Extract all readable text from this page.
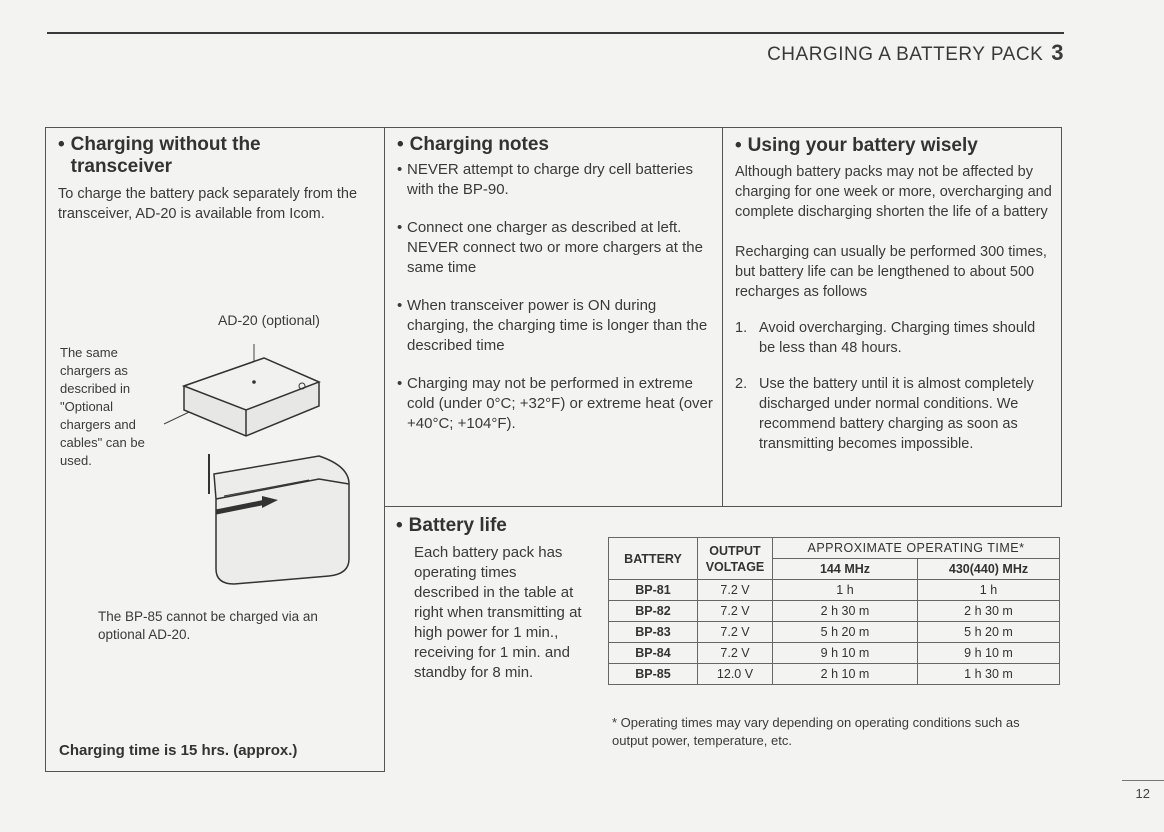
CHARGING A BATTERY PACK 3
• Charging without the transceiver

To charge the battery pack separately from the transceiver, AD-20 is available from Icom.

AD-20 (optional)
The same chargers as described in "Optional chargers and cables" can be used.
The BP-85 cannot be charged via an optional AD-20.
Charging time is 15 hrs. (approx.)
• Charging notes
• NEVER attempt to charge dry cell batteries with the BP-90.
• Connect one charger as described at left. NEVER connect two or more chargers at the same time
• When transceiver power is ON during charging, the charging time is longer than the described time
• Charging may not be performed in extreme cold (under 0°C; +32°F) or extreme heat (over +40°C; +104°F).
• Using your battery wisely

Although battery packs may not be affected by charging for one week or more, overcharging and complete discharging shorten the life of a battery

Recharging can usually be performed 300 times, but battery life can be lengthened to about 500 recharges as follows

1. Avoid overcharging. Charging times should be less than 48 hours.
2. Use the battery until it is almost completely discharged under normal conditions. We recommend battery charging as soon as transmitting becomes impossible.
• Battery life

Each battery pack has operating times described in the table at right when transmitting at high power for 1 min., receiving for 1 min. and standby for 8 min.

BATTERY	OUTPUT VOLTAGE	APPROXIMATE OPERATING TIME*	
		144 MHz	430(440) MHz
BP-81	7.2 V	1 h	1 h
BP-82	7.2 V	2 h 30 m	2 h 30 m
BP-83	7.2 V	5 h 20 m	5 h 20 m
BP-84	7.2 V	9 h 10 m	9 h 10 m
BP-85	12.0 V	2 h 10 m	1 h 30 m

* Operating times may vary depending on operating conditions such as output power, temperature, etc.

12
